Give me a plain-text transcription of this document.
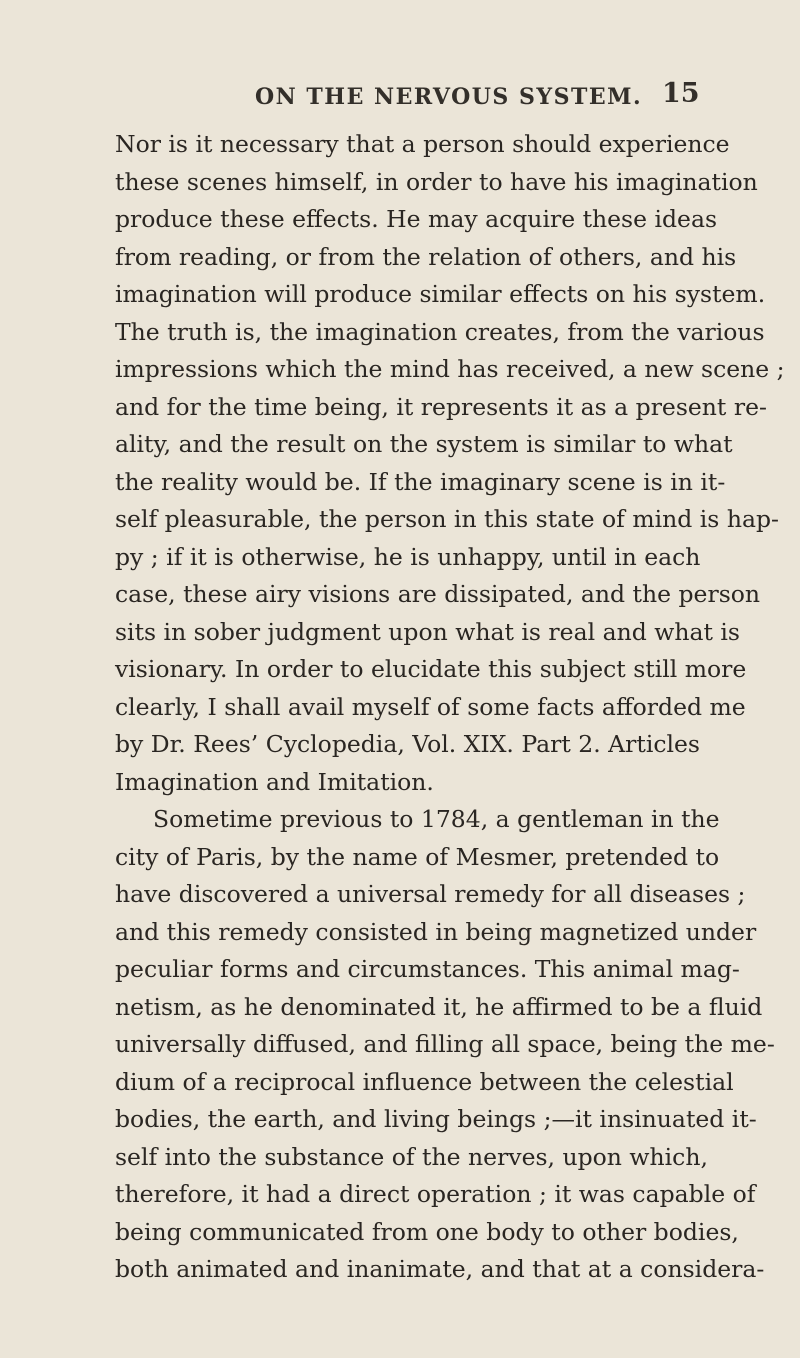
ON THE NERVOUS SYSTEM. 15
Nor is it necessary that a person should experience
these scenes himself, in order to have his imagination
produce these effects. He may acquire these ideas
from reading, or from the relation of others, and his
imagination will produce similar effects on his system.
The truth is, the imagination creates, from the various
impressions which the mind has received, a new scene ;
and for the time being, it represents it as a present re-
ality, and the result on the system is similar to what
the reality would be. If the imaginary scene is in it-
self pleasurable, the person in this state of mind is hap-
py ; if it is otherwise, he is unhappy, until in each
case, these airy visions are dissipated, and the person
sits in sober judgment upon what is real and what is
visionary. In order to elucidate this subject still more
clearly, I shall avail myself of some facts afforded me
by Dr. Rees’ Cyclopedia, Vol. XIX. Part 2. Articles
Imagination and Imitation.
Sometime previous to 1784, a gentleman in the
city of Paris, by the name of Mesmer, pretended to
have discovered a universal remedy for all diseases ;
and this remedy consisted in being magnetized under
peculiar forms and circumstances. This animal mag-
netism, as he denominated it, he affirmed to be a fluid
universally diffused, and filling all space, being the me-
dium of a reciprocal influence between the celestial
bodies, the earth, and living beings ;—it insinuated it-
self into the substance of the nerves, upon which,
therefore, it had a direct operation ; it was capable of
being communicated from one body to other bodies,
both animated and inanimate, and that at a considera-
